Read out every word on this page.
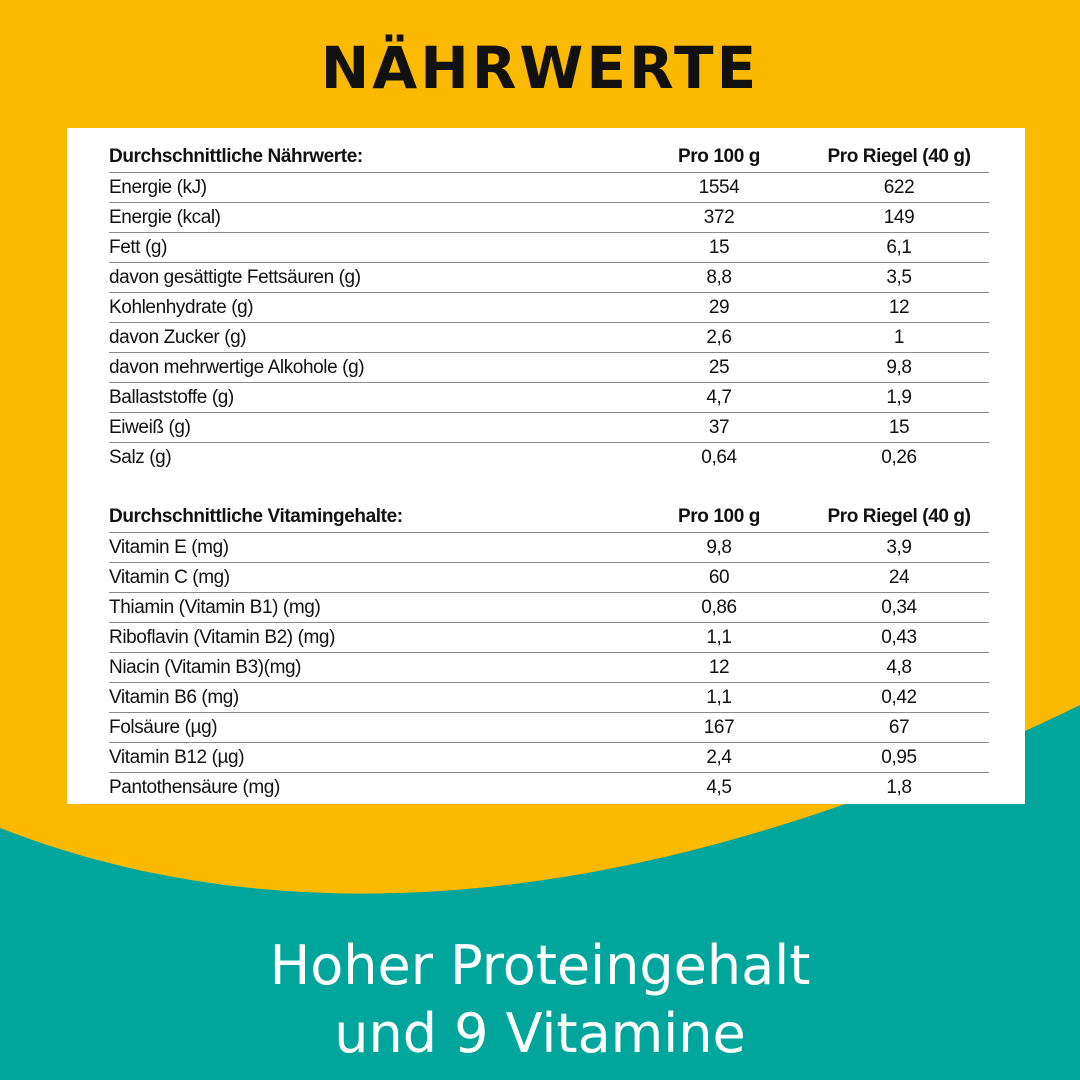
NÄHRWERTE
Durchschnittliche Nährwerte:	Pro 100 g	Pro Riegel (40 g)
Energie (kJ)	1554	622
Energie (kcal)	372	149
Fett (g)	15	6,1
davon gesättigte Fettsäuren (g)	8,8	3,5
Kohlenhydrate (g)	29	12
davon Zucker (g)	2,6	1
davon mehrwertige Alkohole (g)	25	9,8
Ballaststoffe (g)	4,7	1,9
Eiweiß (g)	37	15
Salz (g)	0,64	0,26

Durchschnittliche Vitamingehalte:	Pro 100 g	Pro Riegel (40 g)
Vitamin E (mg)	9,8	3,9
Vitamin C (mg)	60	24
Thiamin (Vitamin B1) (mg)	0,86	0,34
Riboflavin (Vitamin B2) (mg)	1,1	0,43
Niacin (Vitamin B3)(mg)	12	4,8
Vitamin B6 (mg)	1,1	0,42
Folsäure (µg)	167	67
Vitamin B12 (µg)	2,4	0,95
Pantothensäure (mg)	4,5	1,8
Hoher Proteingehalt
und 9 Vitamine
